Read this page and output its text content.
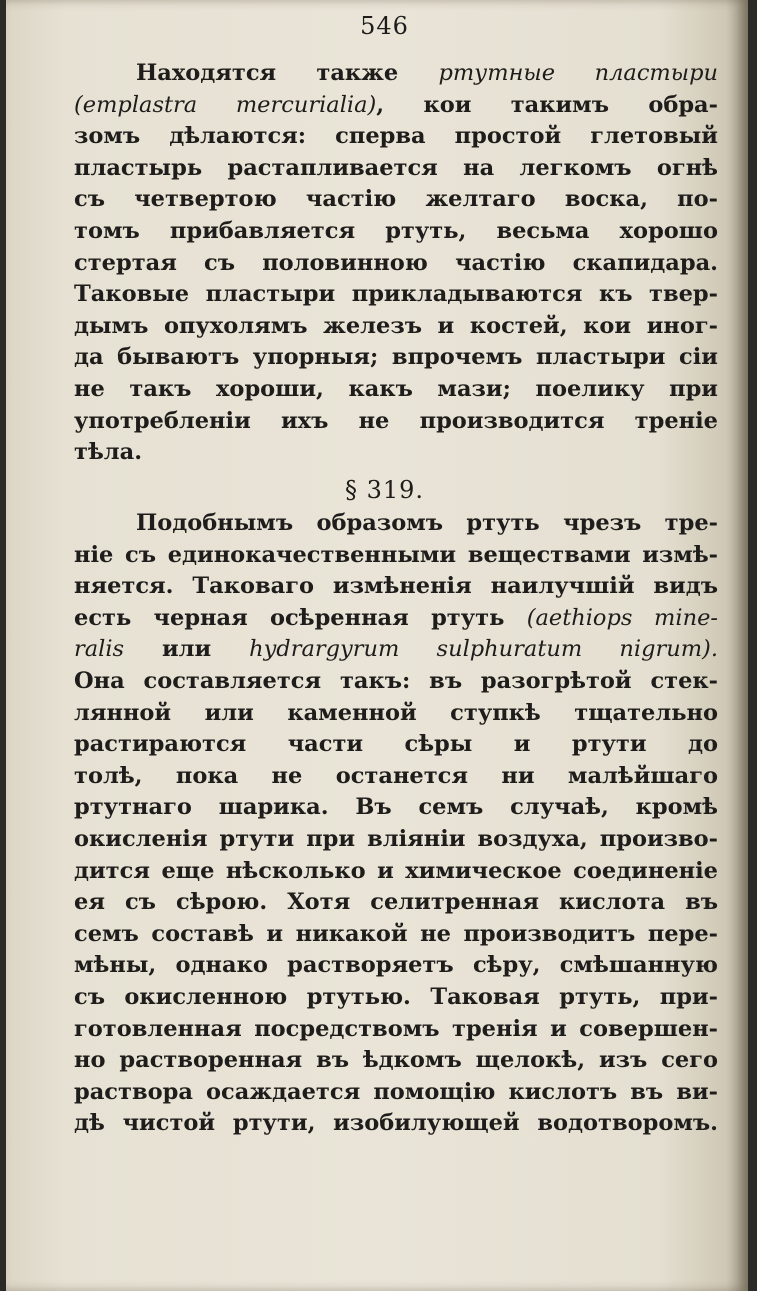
546
Находятся также ртутные пластыри
(emplastra mercurialia), кои такимъ обра-
зомъ дѣлаются: сперва простой глетовый
пластырь растапливается на легкомъ огнѣ
съ четвертою частію желтаго воска, по-
томъ прибавляется ртуть, весьма хорошо
стертая съ половинною частію скапидара.
Таковые пластыри прикладываются къ твер-
дымъ опухолямъ железъ и костей, кои иног-
да бываютъ упорныя; впрочемъ пластыри сіи
не такъ хороши, какъ мази; поелику при
употребленіи ихъ не производится треніе
тѣла.
§ 319.
Подобнымъ образомъ ртуть чрезъ тре-
ніе съ единокачественными веществами измѣ-
няется. Таковаго измѣненія наилучшій видъ
есть черная осѣренная ртуть (aethiops mine-
ralis или hydrargyrum sulphuratum nigrum).
Она составляется такъ: въ разогрѣтой стек-
лянной или каменной ступкѣ тщательно
растираются части сѣры и ртути до
толѣ, пока не останется ни малѣйшаго
ртутнаго шарика. Въ семъ случаѣ, кромѣ
окисленія ртути при вліяніи воздуха, произво-
дится еще нѣсколько и химическое соединеніе
ея съ сѣрою. Хотя селитренная кислота въ
семъ составѣ и никакой не производитъ пере-
мѣны, однако растворяетъ сѣру, смѣшанную
съ окисленною ртутью. Таковая ртуть, при-
готовленная посредствомъ тренія и совершен-
но растворенная въ ѣдкомъ щелокѣ, изъ сего
раствора осаждается помощію кислотъ въ ви-
дѣ чистой ртути, изобилующей водотворомъ.
